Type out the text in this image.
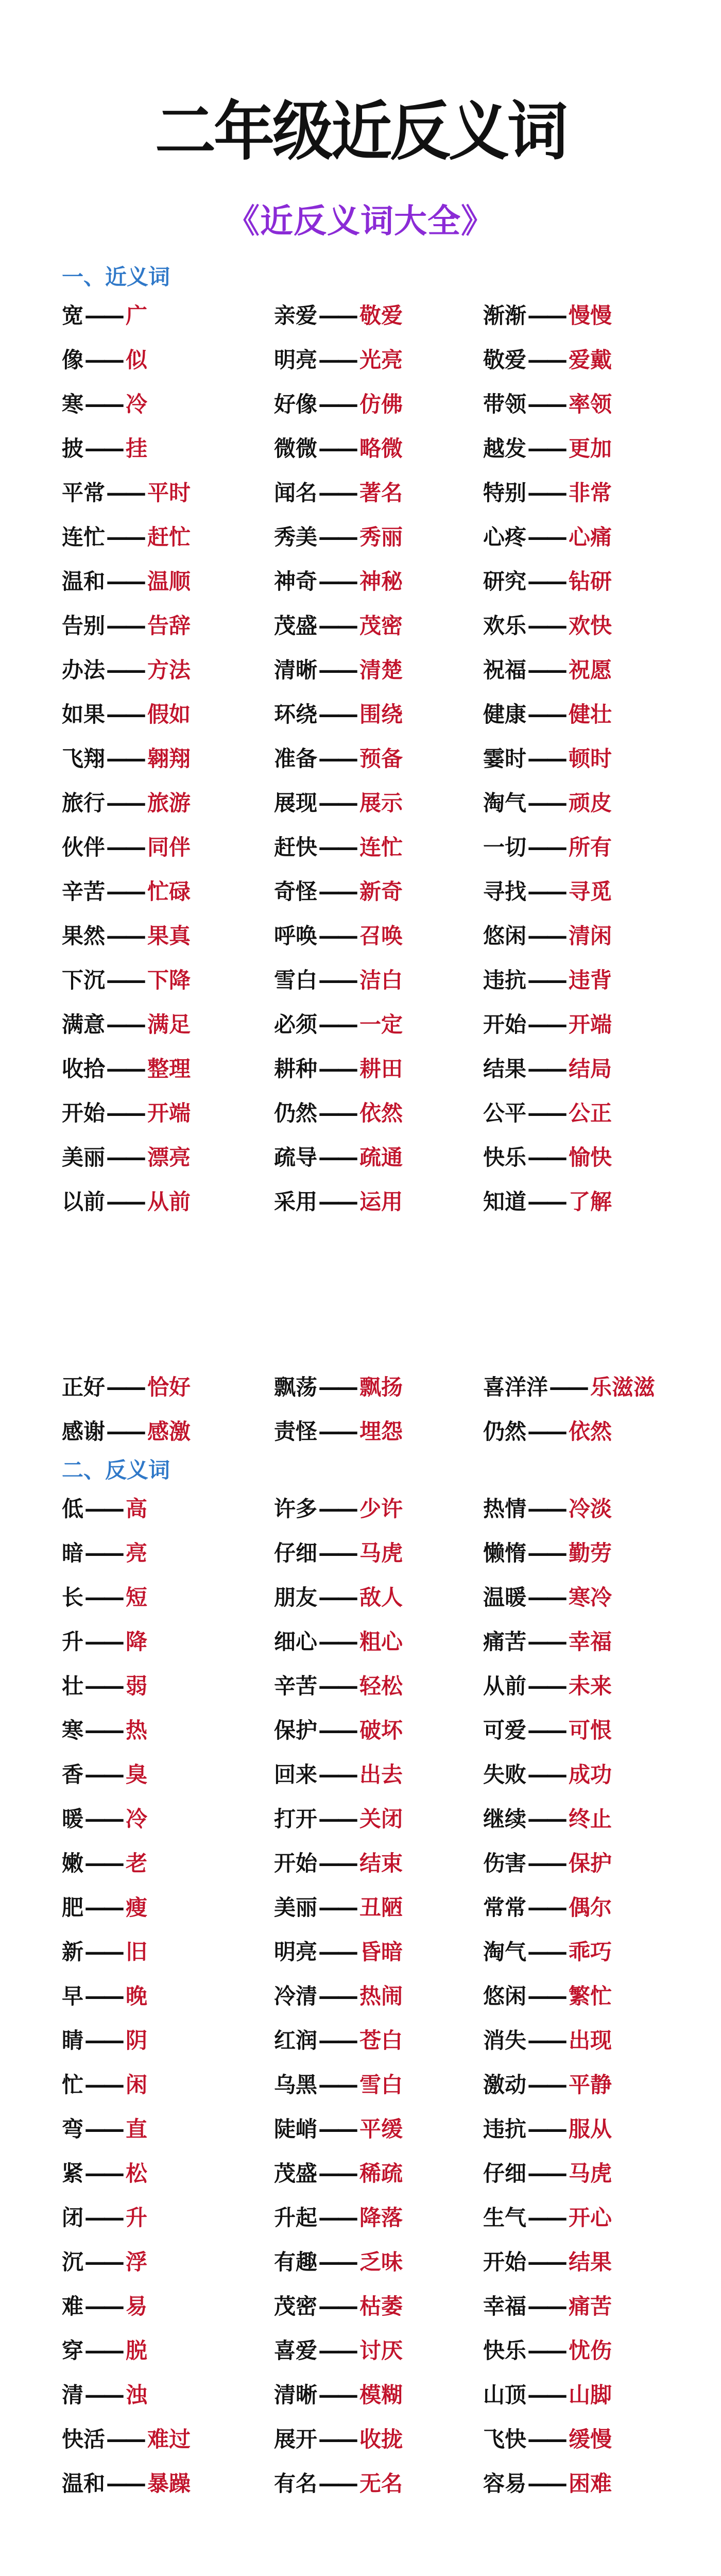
二年级近反义词
《近反义词大全》
一、近义词
宽—— 广	亲爱—— 敬爱	渐渐—— 慢慢
像—— 似	明亮—— 光亮	敬爱—— 爱戴
寒—— 冷	好像—— 仿佛	带领—— 率领
披—— 挂	微微—— 略微	越发—— 更加
平常—— 平时	闻名—— 著名	特别—— 非常
连忙—— 赶忙	秀美—— 秀丽	心疼—— 心痛
温和—— 温顺	神奇—— 神秘	研究—— 钻研
告别—— 告辞	茂盛—— 茂密	欢乐—— 欢快
办法—— 方法	清晰—— 清楚	祝福—— 祝愿
如果—— 假如	环绕—— 围绕	健康—— 健壮
飞翔—— 翱翔	准备—— 预备	霎时—— 顿时
旅行—— 旅游	展现—— 展示	淘气—— 顽皮
伙伴—— 同伴	赶快—— 连忙	一切—— 所有
辛苦—— 忙碌	奇怪—— 新奇	寻找—— 寻觅
果然—— 果真	呼唤—— 召唤	悠闲—— 清闲
下沉—— 下降	雪白—— 洁白	违抗—— 违背
满意—— 满足	必须—— 一定	开始—— 开端
收拾—— 整理	耕种—— 耕田	结果—— 结局
开始—— 开端	仍然—— 依然	公平—— 公正
美丽—— 漂亮	疏导—— 疏通	快乐—— 愉快
以前—— 从前	采用—— 运用	知道—— 了解
正好—— 恰好	飘荡—— 飘扬	喜洋洋—— 乐滋滋
感谢—— 感激	责怪—— 埋怨	仍然—— 依然
二、反义词
低—— 高	许多—— 少许	热情—— 冷淡
暗—— 亮	仔细—— 马虎	懒惰—— 勤劳
长—— 短	朋友—— 敌人	温暖—— 寒冷
升—— 降	细心—— 粗心	痛苦—— 幸福
壮—— 弱	辛苦—— 轻松	从前—— 未来
寒—— 热	保护—— 破坏	可爱—— 可恨
香—— 臭	回来—— 出去	失败—— 成功
暖—— 冷	打开—— 关闭	继续—— 终止
嫩—— 老	开始—— 结束	伤害—— 保护
肥—— 瘦	美丽—— 丑陋	常常—— 偶尔
新—— 旧	明亮—— 昏暗	淘气—— 乖巧
早—— 晚	冷清—— 热闹	悠闲—— 繁忙
睛—— 阴	红润—— 苍白	消失—— 出现
忙—— 闲	乌黑—— 雪白	激动—— 平静
弯—— 直	陡峭—— 平缓	违抗—— 服从
紧—— 松	茂盛—— 稀疏	仔细—— 马虎
闭—— 升	升起—— 降落	生气—— 开心
沉—— 浮	有趣—— 乏味	开始—— 结果
难—— 易	茂密—— 枯萎	幸福—— 痛苦
穿—— 脱	喜爱—— 讨厌	快乐—— 忧伤
清—— 浊	清晰—— 模糊	山顶—— 山脚
快活—— 难过	展开—— 收拢	飞快—— 缓慢
温和—— 暴躁	有名—— 无名	容易—— 困难
